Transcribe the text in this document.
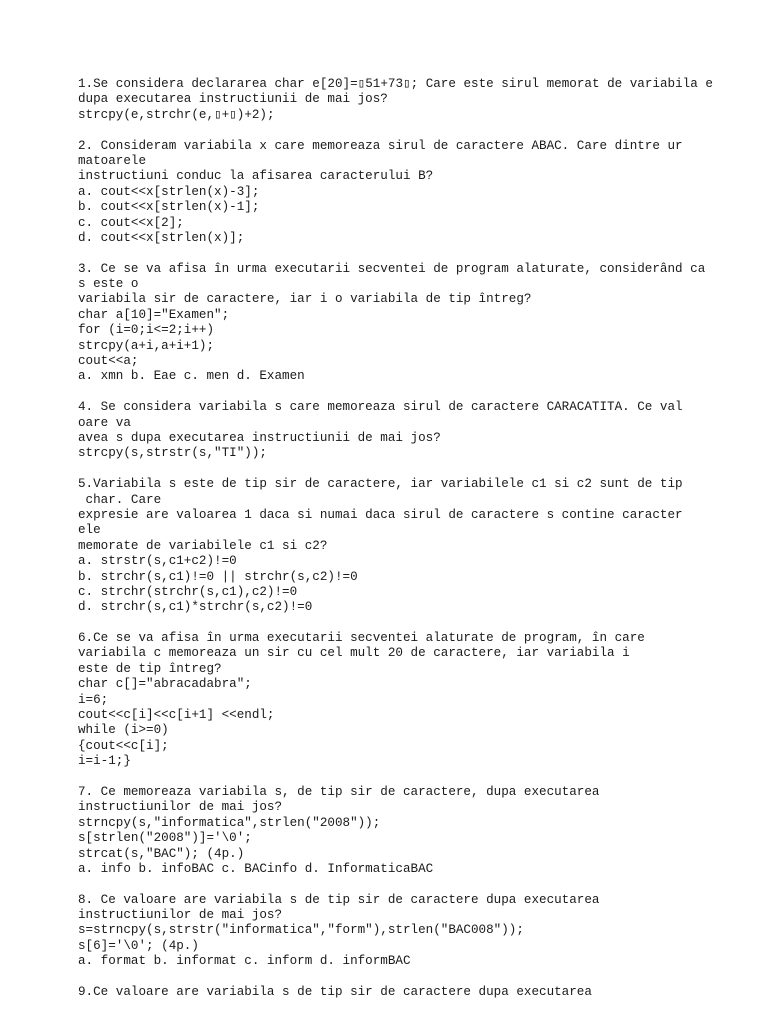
1.Se considera declararea char e[20]=▯51+73▯; Care este sirul memorat de variabila e
dupa executarea instructiunii de mai jos?
strcpy(e,strchr(e,▯+▯)+2);
2. Consideram variabila x care memoreaza sirul de caractere ABAC. Care dintre ur
matoarele
instructiuni conduc la afisarea caracterului B?
a. cout<<x[strlen(x)-3];
b. cout<<x[strlen(x)-1];
c. cout<<x[2];
d. cout<<x[strlen(x)];
3. Ce se va afisa în urma executarii secventei de program alaturate, considerând ca
s este o
variabila sir de caractere, iar i o variabila de tip întreg?
char a[10]="Examen";
for (i=0;i<=2;i++)
strcpy(a+i,a+i+1);
cout<<a;
a. xmn b. Eae c. men d. Examen
4. Se considera variabila s care memoreaza sirul de caractere CARACATITA. Ce val
oare va
avea s dupa executarea instructiunii de mai jos?
strcpy(s,strstr(s,"TI"));
5.Variabila s este de tip sir de caractere, iar variabilele c1 si c2 sunt de tip
char. Care
expresie are valoarea 1 daca si numai daca sirul de caractere s contine caracter
ele
memorate de variabilele c1 si c2?
a. strstr(s,c1+c2)!=0
b. strchr(s,c1)!=0 || strchr(s,c2)!=0
c. strchr(strchr(s,c1),c2)!=0
d. strchr(s,c1)*strchr(s,c2)!=0
6.Ce se va afisa în urma executarii secventei alaturate de program, în care
variabila c memoreaza un sir cu cel mult 20 de caractere, iar variabila i
este de tip întreg?
char c[]="abracadabra";
i=6;
cout<<c[i]<<c[i+1] <<endl;
while (i>=0)
{cout<<c[i];
i=i-1;}
7. Ce memoreaza variabila s, de tip sir de caractere, dupa executarea
instructiunilor de mai jos?
strncpy(s,"informatica",strlen("2008"));
s[strlen("2008")]='\0';
strcat(s,"BAC"); (4p.)
a. info b. infoBAC c. BACinfo d. InformaticaBAC
8. Ce valoare are variabila s de tip sir de caractere dupa executarea
instructiunilor de mai jos?
s=strncpy(s,strstr("informatica","form"),strlen("BAC008"));
s[6]='\0'; (4p.)
a. format b. informat c. inform d. informBAC
9.Ce valoare are variabila s de tip sir de caractere dupa executarea
